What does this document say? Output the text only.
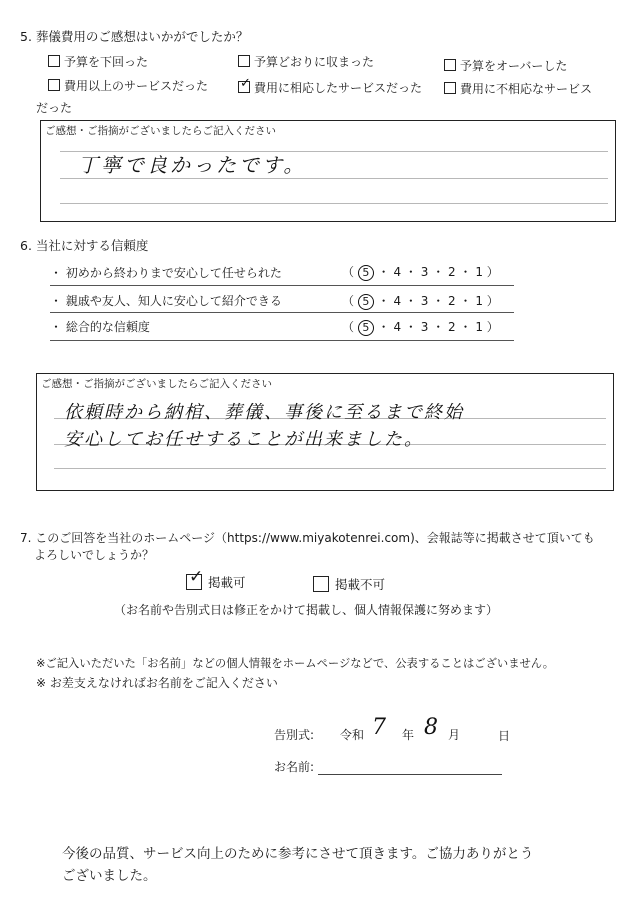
5. 葬儀費用のご感想はいかがでしたか？
予算を下回った	予算どおりに収まった	予算をオーバーした
費用以上のサービスだった
✓	費用に相応したサービスだった	費用に不相応なサービス
だった
ご感想・ご指摘がございましたらご記入ください
丁寧で良かったです。
6. 当社に対する信頼度
・ 初めから終わりまで安心して任せられた	（ 5 ・ 4 ・ 3 ・ 2 ・ 1 ）
・ 親戚や友人、知人に安心して紹介できる	（ 5 ・ 4 ・ 3 ・ 2 ・ 1 ）
・ 総合的な信頼度	（ 5 ・ 4 ・ 3 ・ 2 ・ 1 ）
ご感想・ご指摘がございましたらご記入ください
依頼時から納棺、葬儀、事後に至るまで終始
安心してお任せすることが出来ました。
7. このご回答を当社のホームページ（https://www.miyakotenrei.com)、会報誌等に掲載させて頂いても
よろしいでしょうか？
✓掲載可	掲載不可
（お名前や告別式日は修正をかけて掲載し、個人情報保護に努めます）
※ご記入いただいた「お名前」などの個人情報をホームページなどで、公表することはございません。
※ お差支えなければお名前をご記入ください
告別式: 令和 7 年 8 月	日
お名前:
今後の品質、サービス向上のために参考にさせて頂きます。ご協力ありがとう
ございました。
